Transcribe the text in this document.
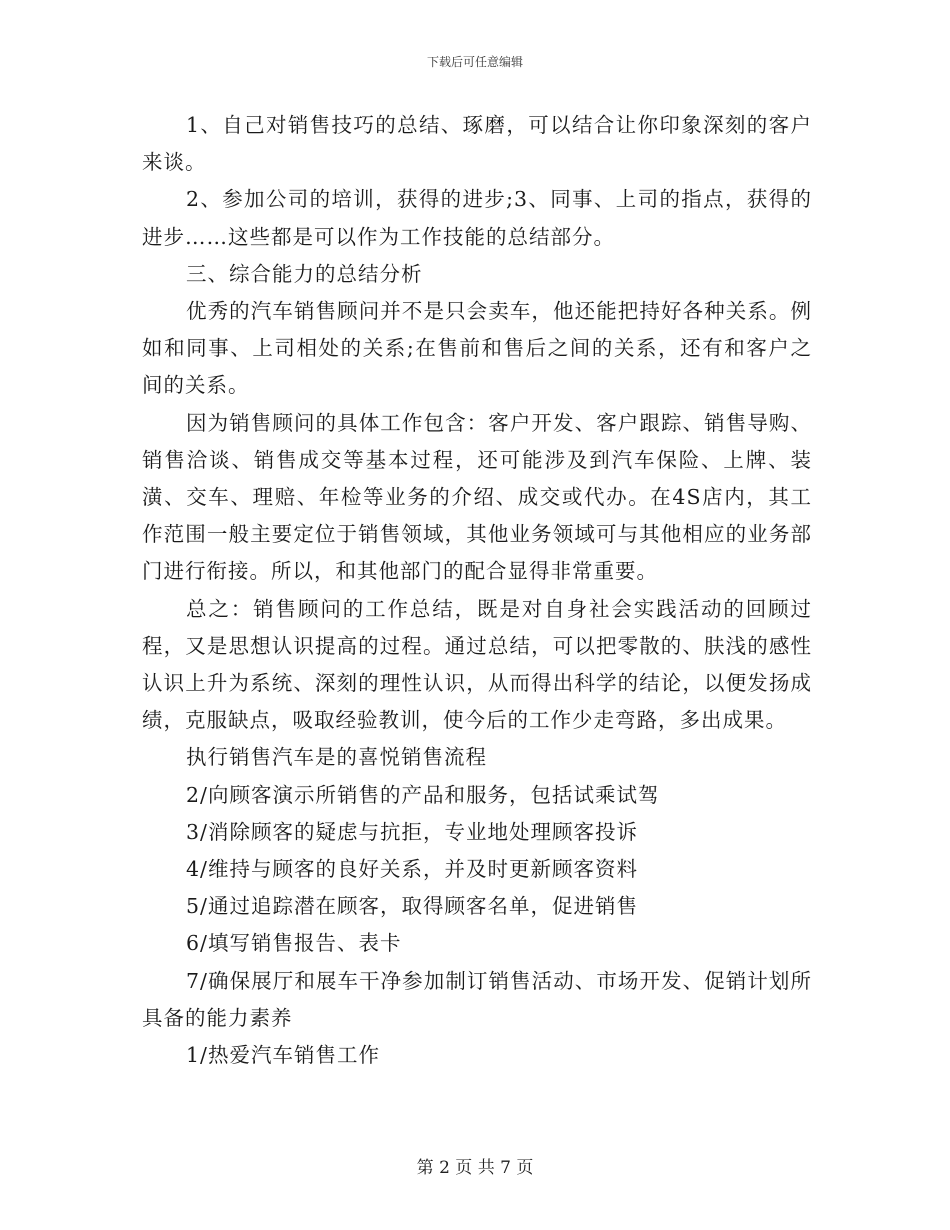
下载后可任意编辑

1、自己对销售技巧的总结、琢磨，可以结合让你印象深刻的客户来谈。

2、参加公司的培训，获得的进步;3、同事、上司的指点，获得的进步……这些都是可以作为工作技能的总结部分。

三、综合能力的总结分析

优秀的汽车销售顾问并不是只会卖车，他还能把持好各种关系。例如和同事、上司相处的关系;在售前和售后之间的关系，还有和客户之间的关系。

因为销售顾问的具体工作包含：客户开发、客户跟踪、销售导购、销售洽谈、销售成交等基本过程，还可能涉及到汽车保险、上牌、装潢、交车、理赔、年检等业务的介绍、成交或代办。在4S店内，其工作范围一般主要定位于销售领域，其他业务领域可与其他相应的业务部门进行衔接。所以，和其他部门的配合显得非常重要。

总之：销售顾问的工作总结，既是对自身社会实践活动的回顾过程，又是思想认识提高的过程。通过总结，可以把零散的、肤浅的感性认识上升为系统、深刻的理性认识，从而得出科学的结论，以便发扬成绩，克服缺点，吸取经验教训，使今后的工作少走弯路，多出成果。

执行销售汽车是的喜悦销售流程

2/向顾客演示所销售的产品和服务，包括试乘试驾

3/消除顾客的疑虑与抗拒，专业地处理顾客投诉

4/维持与顾客的良好关系，并及时更新顾客资料

5/通过追踪潜在顾客，取得顾客名单，促进销售

6/填写销售报告、表卡

7/确保展厅和展车干净参加制订销售活动、市场开发、促销计划所具备的能力素养

1/热爱汽车销售工作

第 2 页 共 7 页
